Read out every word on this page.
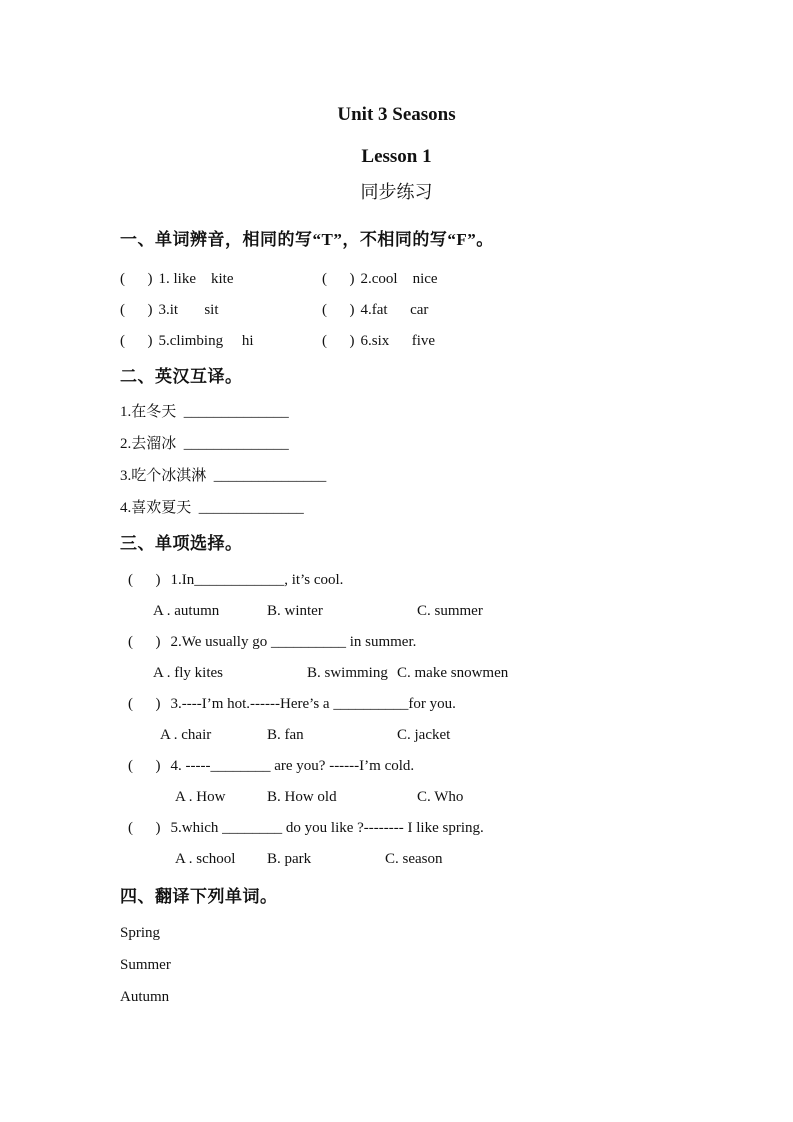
Unit 3 Seasons
Lesson 1
同步练习
一、单词辨音，相同的写“T”，不相同的写“F”。
(      ) 1. like    kite	(      ) 2.cool    nice
(      ) 3.it       sit	(      ) 4.fat      car
(      ) 5.climbing     hi	(      ) 6.six      five
二、英汉互译。
1.在冬天  ______________
2.去溜冰  ______________
3.吃个冰淇淋  _______________
4.喜欢夏天  ______________
三、单项选择。
(      ) 1.In____________, it’s cool.
A . autumn	B. winter	C. summer
(      ) 2.We usually go __________ in summer.
A . fly kites	B. swimming C. make snowmen
(      ) 3.----I’m hot.------Here’s a __________for you.
A . chair	B. fan	C. jacket
(      ) 4. -----________ are you? ------I’m cold.
A . How	B. How old	C. Who
(      ) 5.which ________ do you like ?-------- I like spring.
A . school B. park	C. season
四、翻译下列单词。
Spring
Summer
Autumn
